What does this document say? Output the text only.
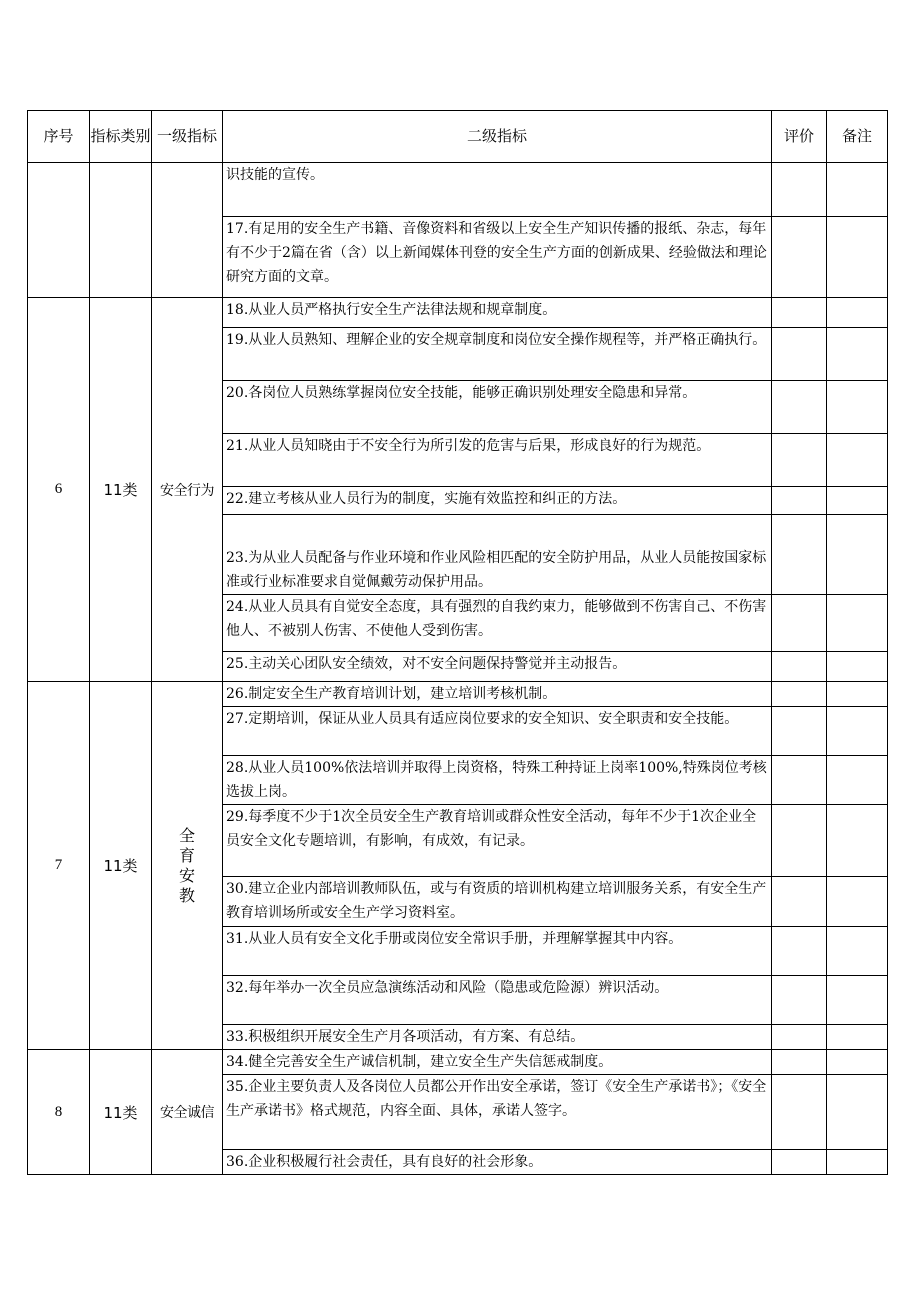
序号	指标类别	一级指标	二级指标	评价	备注
			识技能的宣传。		
			17.有足用的安全生产书籍、音像资料和省级以上安全生产知识传播的报纸、杂志，每年有不少于2篇在省（含）以上新闻媒体刊登的安全生产方面的创新成果、经验做法和理论研究方面的文章。		
6	11类	安全行为	18.从业人员严格执行安全生产法律法规和规章制度。		
			19.从业人员熟知、理解企业的安全规章制度和岗位安全操作规程等，并严格正确执行。		
			20.各岗位人员熟练掌握岗位安全技能，能够正确识别处理安全隐患和异常。		
			21.从业人员知晓由于不安全行为所引发的危害与后果，形成良好的行为规范。		
			22.建立考核从业人员行为的制度，实施有效监控和纠正的方法。		
			23.为从业人员配备与作业环境和作业风险相匹配的安全防护用品，从业人员能按国家标准或行业标准要求自觉佩戴劳动保护用品。		
			24.从业人员具有自觉安全态度，具有强烈的自我约束力，能够做到不伤害自己、不伤害他人、不被别人伤害、不使他人受到伤害。		
			25.主动关心团队安全绩效，对不安全问题保持警觉并主动报告。		
7	11类	全育安教	26.制定安全生产教育培训计划，建立培训考核机制。		
			27.定期培训，保证从业人员具有适应岗位要求的安全知识、安全职责和安全技能。		
			28.从业人员100%依法培训并取得上岗资格，特殊工种持证上岗率100%,特殊岗位考核选拔上岗。		
			29.每季度不少于1次全员安全生产教育培训或群众性安全活动，每年不少于1次企业全员安全文化专题培训，有影响，有成效，有记录。		
			30.建立企业内部培训教师队伍，或与有资质的培训机构建立培训服务关系，有安全生产教育培训场所或安全生产学习资料室。		
			31.从业人员有安全文化手册或岗位安全常识手册，并理解掌握其中内容。		
			32.每年举办一次全员应急演练活动和风险（隐患或危险源）辨识活动。		
			33.积极组织开展安全生产月各项活动，有方案、有总结。		
8	11类	安全诚信	34.健全完善安全生产诚信机制，建立安全生产失信惩戒制度。		
			35.企业主要负责人及各岗位人员都公开作出安全承诺，签订《安全生产承诺书》；《安全生产承诺书》格式规范，内容全面、具体，承诺人签字。		
			36.企业积极履行社会责任，具有良好的社会形象。		
